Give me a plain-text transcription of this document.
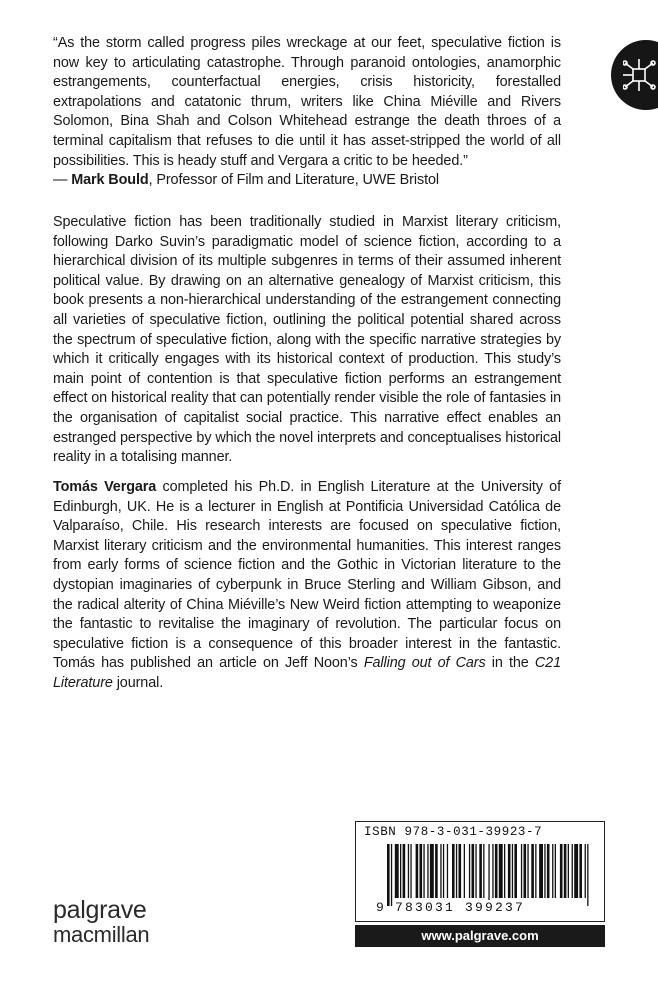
“As the storm called progress piles wreckage at our feet, speculative fiction is now key to articulating catastrophe. Through paranoid ontologies, anamorphic estrangements, counterfactual energies, crisis historicity, forestalled extrapolations and catatonic thrum, writers like China Miéville and Rivers Solomon, Bina Shah and Colson Whitehead estrange the death throes of a terminal capitalism that refuses to die until it has asset-stripped the world of all possibilities. This is heady stuff and Vergara a critic to be heeded.”

— Mark Bould, Professor of Film and Literature, UWE Bristol

Speculative fiction has been traditionally studied in Marxist literary criticism, following Darko Suvin’s paradigmatic model of science fiction, according to a hierarchical division of its multiple subgenres in terms of their assumed inherent political value. By drawing on an alternative genealogy of Marxist criticism, this book presents a non-hierarchical understanding of the estrangement connecting all varieties of speculative fiction, outlining the political potential shared across the spectrum of speculative fiction, along with the specific narrative strategies by which it critically engages with its historical context of production. This study’s main point of contention is that speculative fiction performs an estrangement effect on historical reality that can potentially render visible the role of fantasies in the organisation of capitalist social practice. This narrative effect enables an estranged perspective by which the novel interprets and conceptualises historical reality in a totalising manner.

Tomás Vergara completed his Ph.D. in English Literature at the University of Edinburgh, UK. He is a lecturer in English at Pontificia Universidad Católica de Valparaíso, Chile. His research interests are focused on speculative fiction, Marxist literary criticism and the environmental humanities. This interest ranges from early forms of science fiction and the Gothic in Victorian literature to the dystopian imaginaries of cyberpunk in Bruce Sterling and William Gibson, and the radical alterity of China Miéville’s New Weird fiction attempting to weaponize the fantastic to revitalise the imaginary of revolution. The particular focus on speculative fiction is a consequence of this broader interest in the fantastic. Tomás has published an article on Jeff Noon’s Falling out of Cars in the C21 Literature journal.

palgrave
macmillan
ISBN 978-3-031-39923-7
9 783031 399237
www.palgrave.com
